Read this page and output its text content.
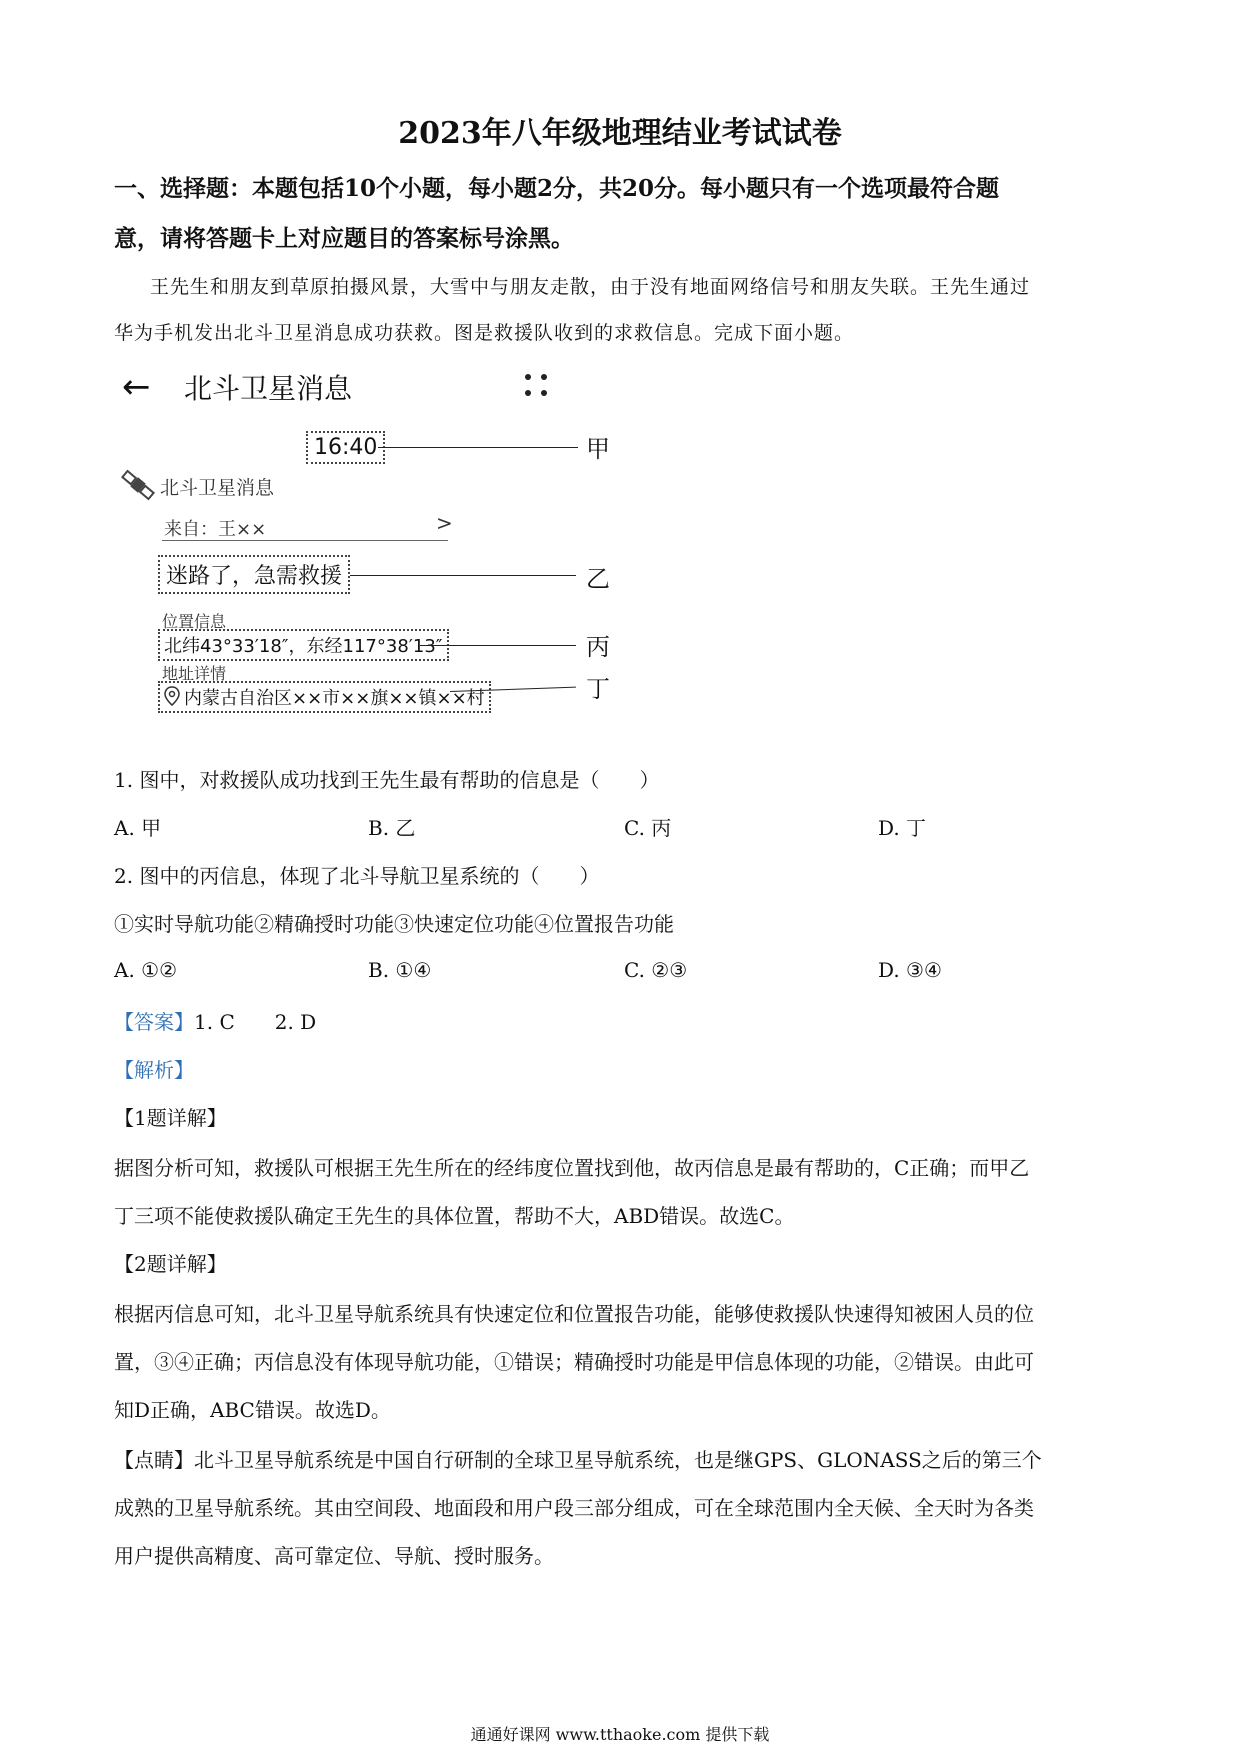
2023年八年级地理结业考试试卷
一、选择题：本题包括10个小题，每小题2分，共20分。每小题只有一个选项最符合题
意，请将答题卡上对应题目的答案标号涂黑。
王先生和朋友到草原拍摄风景，大雪中与朋友走散，由于没有地面网络信号和朋友失联。王先生通过
华为手机发出北斗卫星消息成功获救。图是救援队收到的求救信息。完成下面小题。
← 北斗卫星消息
16:40	甲
北斗卫星消息
来自：王××	>
迷路了，急需救援	乙
位置信息
北纬43°33′18″，东经117°38′13″	丙
地址详情
内蒙古自治区××市××旗××镇××村	丁
1. 图中，对救援队成功找到王先生最有帮助的信息是（　　）
A. 甲	B. 乙	C. 丙	D. 丁
2. 图中的丙信息，体现了北斗导航卫星系统的（　　）
①实时导航功能②精确授时功能③快速定位功能④位置报告功能
A. ①②	B. ①④	C. ②③	D. ③④
【答案】1. C　　2. D
【解析】
【1题详解】
据图分析可知，救援队可根据王先生所在的经纬度位置找到他，故丙信息是最有帮助的，C正确；而甲乙
丁三项不能使救援队确定王先生的具体位置，帮助不大，ABD错误。故选C。
【2题详解】
根据丙信息可知，北斗卫星导航系统具有快速定位和位置报告功能，能够使救援队快速得知被困人员的位
置，③④正确；丙信息没有体现导航功能，①错误；精确授时功能是甲信息体现的功能，②错误。由此可
知D正确，ABC错误。故选D。
【点睛】北斗卫星导航系统是中国自行研制的全球卫星导航系统，也是继GPS、GLONASS之后的第三个
成熟的卫星导航系统。其由空间段、地面段和用户段三部分组成，可在全球范围内全天候、全天时为各类
用户提供高精度、高可靠定位、导航、授时服务。
通通好课网 www.tthaoke.com 提供下载
